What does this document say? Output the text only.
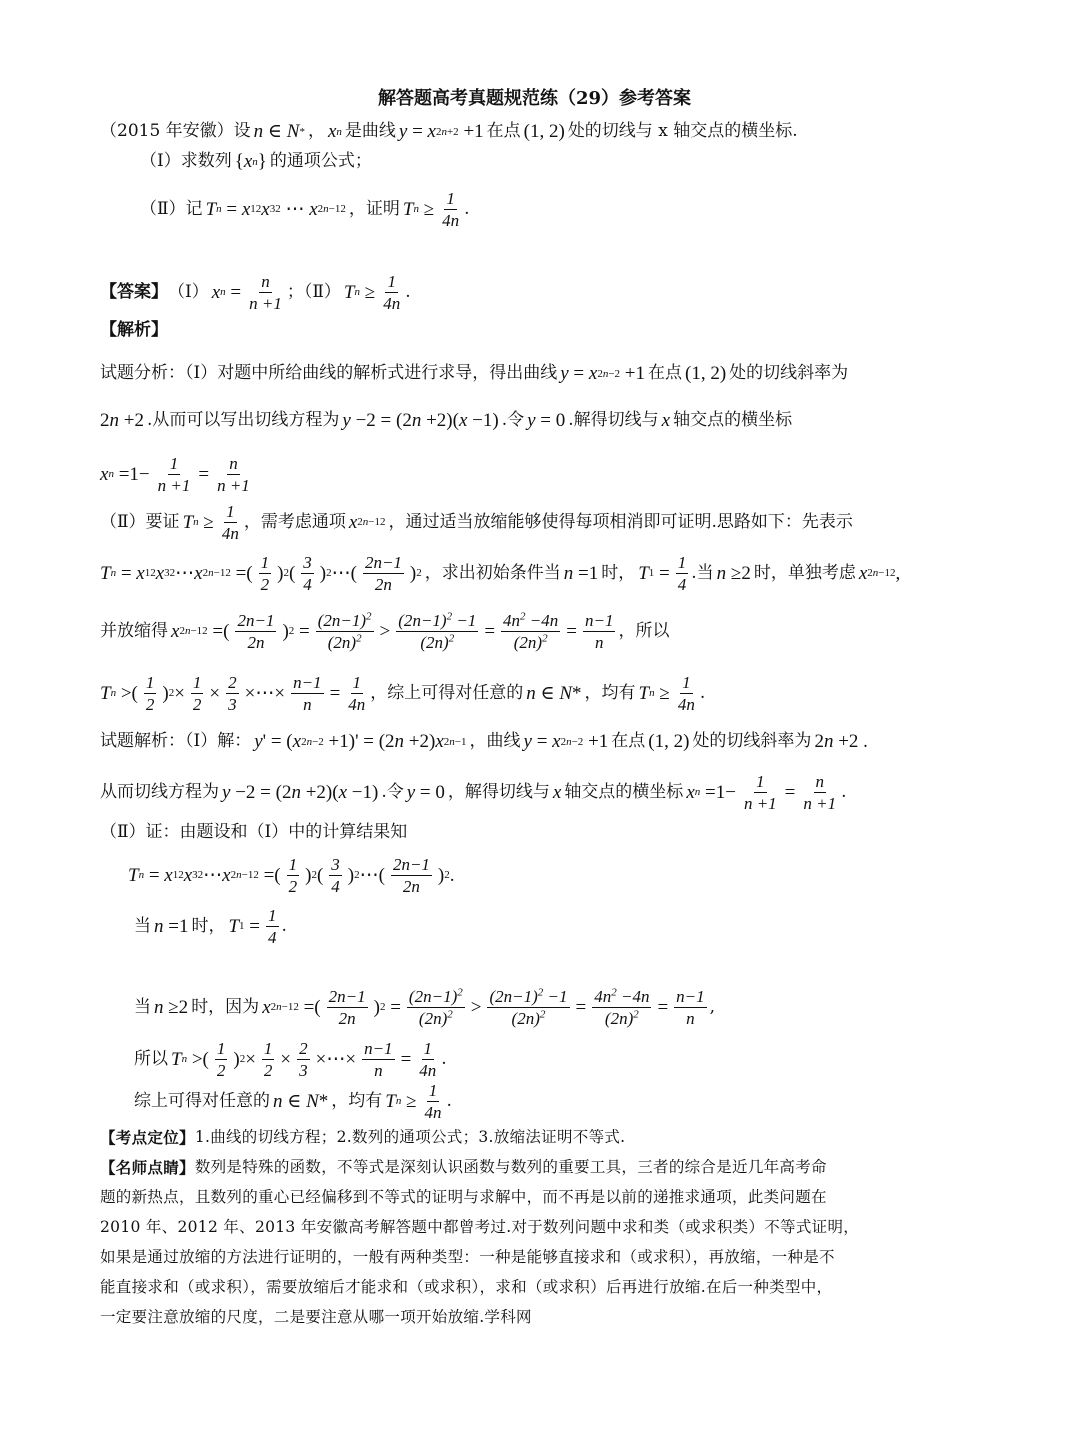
解答题高考真题规范练（29）参考答案
（2015 年安徽）设 n ∈ N * ， x n 是曲线 y = x 2n+2 +1 在点 (1, 2) 处的切线与 x 轴交点的横坐标.
（Ⅰ）求数列 { x n } 的通项公式；
（Ⅱ）记 T n = x 1 2 x 3 2 ⋯ x 2n−1 2 ，证明 T $n \ge \frac{1}{4n}$ .
【答案】 （Ⅰ） x $n = \frac{n}{n +1}$ ；（Ⅱ） T $n \ge \frac{1}{4n}$ .
【解析】
试题分析：（Ⅰ）对题中所给曲线的解析式进行求导，得出曲线 y = x 2n−2 +1 在点 (1, 2) 处的切线斜率为
2 n +2 .从而可以写出切线方程为 y −2 = (2 n +2)( x −1) .令 y = 0 .解得切线与 x 轴交点的横坐标
x $n =1- \frac{1}{n +1} = \frac{n}{n +1}$
（Ⅱ）要证 T $n \ge \frac{1}{4n}$ ，需考虑通项 x 2n−1 2 ，通过适当放缩能够使得每项相消即可证明.思路如下：先表示
T n = x 1 2 x 3 2 ⋯ x 2n−1 2 =( $\frac{1}{2}$ ) 2 ( $\frac{3}{4}$ ) 2 ⋯( $\frac{2n-1}{2n}$ ) 2 ，求出初始条件当 n =1 时， T $1 = \frac{1}{4}$ .当 n ≥2 时，单独考虑 x 2n−1 2 ,
并放缩得 x 2n−1 2 =( $\frac{2n-1}{2n}$ ) $2 = \frac{(2n-1)^2}{(2n)^2} > \frac{(2n-1)^2 -1}{(2n)^2} = \frac{4n^2 -4n}{(2n)^2} = \frac{n-1}{n}$ ，所以
T n >( $\frac{1}{2}$ ) $2 \times \frac{1}{2} \times \frac{2}{3}$ ×⋯× $\frac{n-1}{n} = \frac{1}{4n}$ ，综上可得对任意的 n ∈ N * ，均有 T $n \ge \frac{1}{4n}$ .
试题解析：（Ⅰ）解： y ' = ( x 2n−2 +1)' = (2 n +2) x 2n−1 ，曲线 y = x 2n−2 +1 在点 (1, 2) 处的切线斜率为 2 n +2 .
从而切线方程为 y −2 = (2 n +2)( x −1) .令 y = 0 ，解得切线与 x 轴交点的横坐标 x $n =1- \frac{1}{n +1} = \frac{n}{n +1}$ .
（Ⅱ）证：由题设和（Ⅰ）中的计算结果知
T n = x 1 2 x 3 2 ⋯ x 2n−1 2 =( $\frac{1}{2}$ ) 2 ( $\frac{3}{4}$ ) 2 ⋯( $\frac{2n-1}{2n}$ ) 2 .
当 n =1 时， T $1 = \frac{1}{4}$ .
当 n ≥2 时，因为 x 2n−1 2 =( $\frac{2n-1}{2n}$ ) $2 = \frac{(2n-1)^2}{(2n)^2} > \frac{(2n-1)^2 -1}{(2n)^2} = \frac{4n^2 -4n}{(2n)^2} = \frac{n-1}{n}$ ,
所以 T n >( $\frac{1}{2}$ ) $2 \times \frac{1}{2} \times \frac{2}{3}$ ×⋯× $\frac{n-1}{n} = \frac{1}{4n}$ .
综上可得对任意的 n ∈ N * ，均有 T $n \ge \frac{1}{4n}$ .
【考点定位】 1.曲线的切线方程；2.数列的通项公式；3.放缩法证明不等式.
【名师点睛】 数列是特殊的函数，不等式是深刻认识函数与数列的重要工具，三者的综合是近几年高考命
题的新热点，且数列的重心已经偏移到不等式的证明与求解中，而不再是以前的递推求通项，此类问题在
2010 年、2012 年、2013 年安徽高考解答题中都曾考过.对于数列问题中求和类（或求积类）不等式证明，
如果是通过放缩的方法进行证明的，一般有两种类型：一种是能够直接求和（或求积），再放缩，一种是不
能直接求和（或求积），需要放缩后才能求和（或求积），求和（或求积）后再进行放缩.在后一种类型中，
一定要注意放缩的尺度，二是要注意从哪一项开始放缩.学科网
